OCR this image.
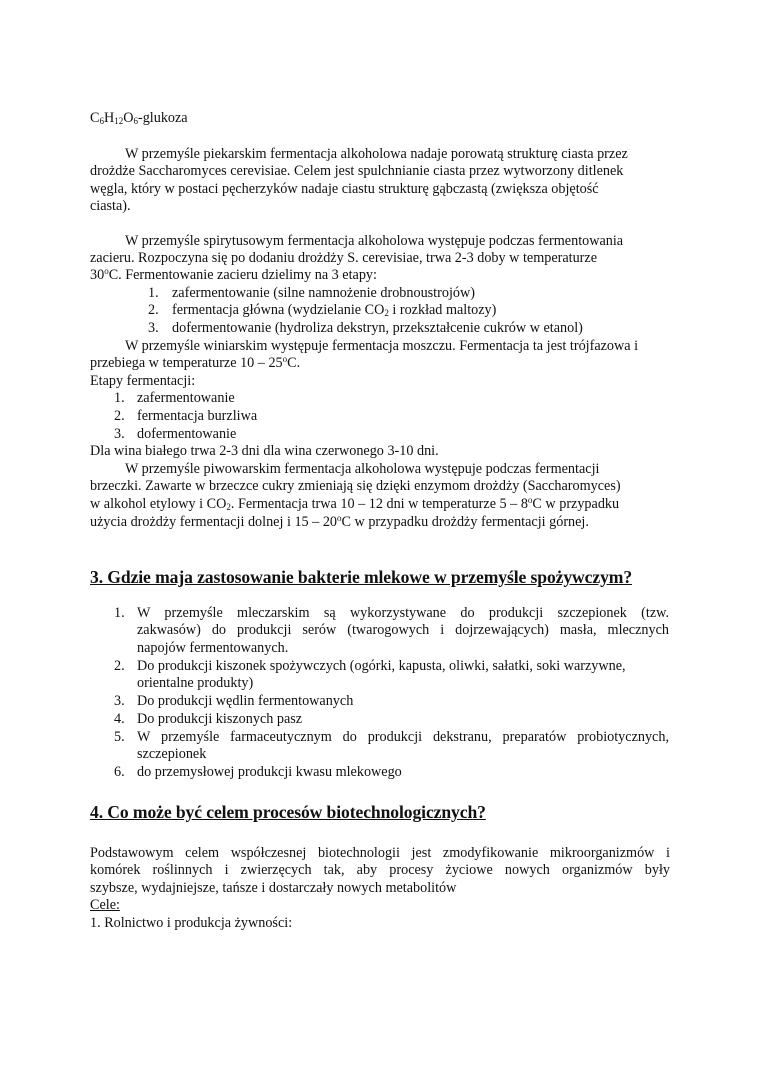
$C_6H_{12}O_6$-glukoza
W przemyśle piekarskim fermentacja alkoholowa nadaje porowatą strukturę ciasta przez
drożdże Saccharomyces cerevisiae. Celem jest spulchnianie ciasta przez wytworzony ditlenek
węgla, który w postaci pęcherzyków nadaje ciastu strukturę gąbczastą (zwiększa objętość
ciasta).
W przemyśle spirytusowym fermentacja alkoholowa występuje podczas fermentowania
zacieru. Rozpoczyna się po dodaniu drożdży S. cerevisiae, trwa 2-3 doby w temperaturze
30$^o$C. Fermentowanie zacieru dzielimy na 3 etapy:
1. zafermentowanie (silne namnożenie drobnoustrojów)
2. fermentacja główna (wydzielanie $CO_2$ i rozkład maltozy)
3. dofermentowanie (hydroliza dekstryn, przekształcenie cukrów w etanol)
W przemyśle winiarskim występuje fermentacja moszczu. Fermentacja ta jest trójfazowa i
przebiega w temperaturze 10 – 25$^o$C.
Etapy fermentacji:
1. zafermentowanie
2. fermentacja burzliwa
3. dofermentowanie
Dla wina białego trwa 2-3 dni dla wina czerwonego 3-10 dni.
W przemyśle piwowarskim fermentacja alkoholowa występuje podczas fermentacji
brzeczki. Zawarte w brzeczce cukry zmieniają się dzięki enzymom drożdży (Saccharomyces)
w alkohol etylowy i $CO_2$. Fermentacja trwa 10 – 12 dni w temperaturze 5 – 8$^o$C w przypadku
użycia drożdży fermentacji dolnej i 15 – 20$^o$C w przypadku drożdży fermentacji górnej.
3. Gdzie maja zastosowanie bakterie mlekowe w przemyśle spożywczym?
1. W przemyśle mleczarskim są wykorzystywane do produkcji szczepionek (tzw.
zakwasów) do produkcji serów (twarogowych i dojrzewających) masła, mlecznych
napojów fermentowanych.
2. Do produkcji kiszonek spożywczych (ogórki, kapusta, oliwki, sałatki, soki warzywne,
orientalne produkty)
3. Do produkcji wędlin fermentowanych
4. Do produkcji kiszonych pasz
5. W przemyśle farmaceutycznym do produkcji dekstranu, preparatów probiotycznych,
szczepionek
6. do przemysłowej produkcji kwasu mlekowego
4. Co może być celem procesów biotechnologicznych?
Podstawowym celem współczesnej biotechnologii jest zmodyfikowanie mikroorganizmów i
komórek roślinnych i zwierzęcych tak, aby procesy życiowe nowych organizmów były
szybsze, wydajniejsze, tańsze i dostarczały nowych metabolitów
Cele:
1. Rolnictwo i produkcja żywności:
